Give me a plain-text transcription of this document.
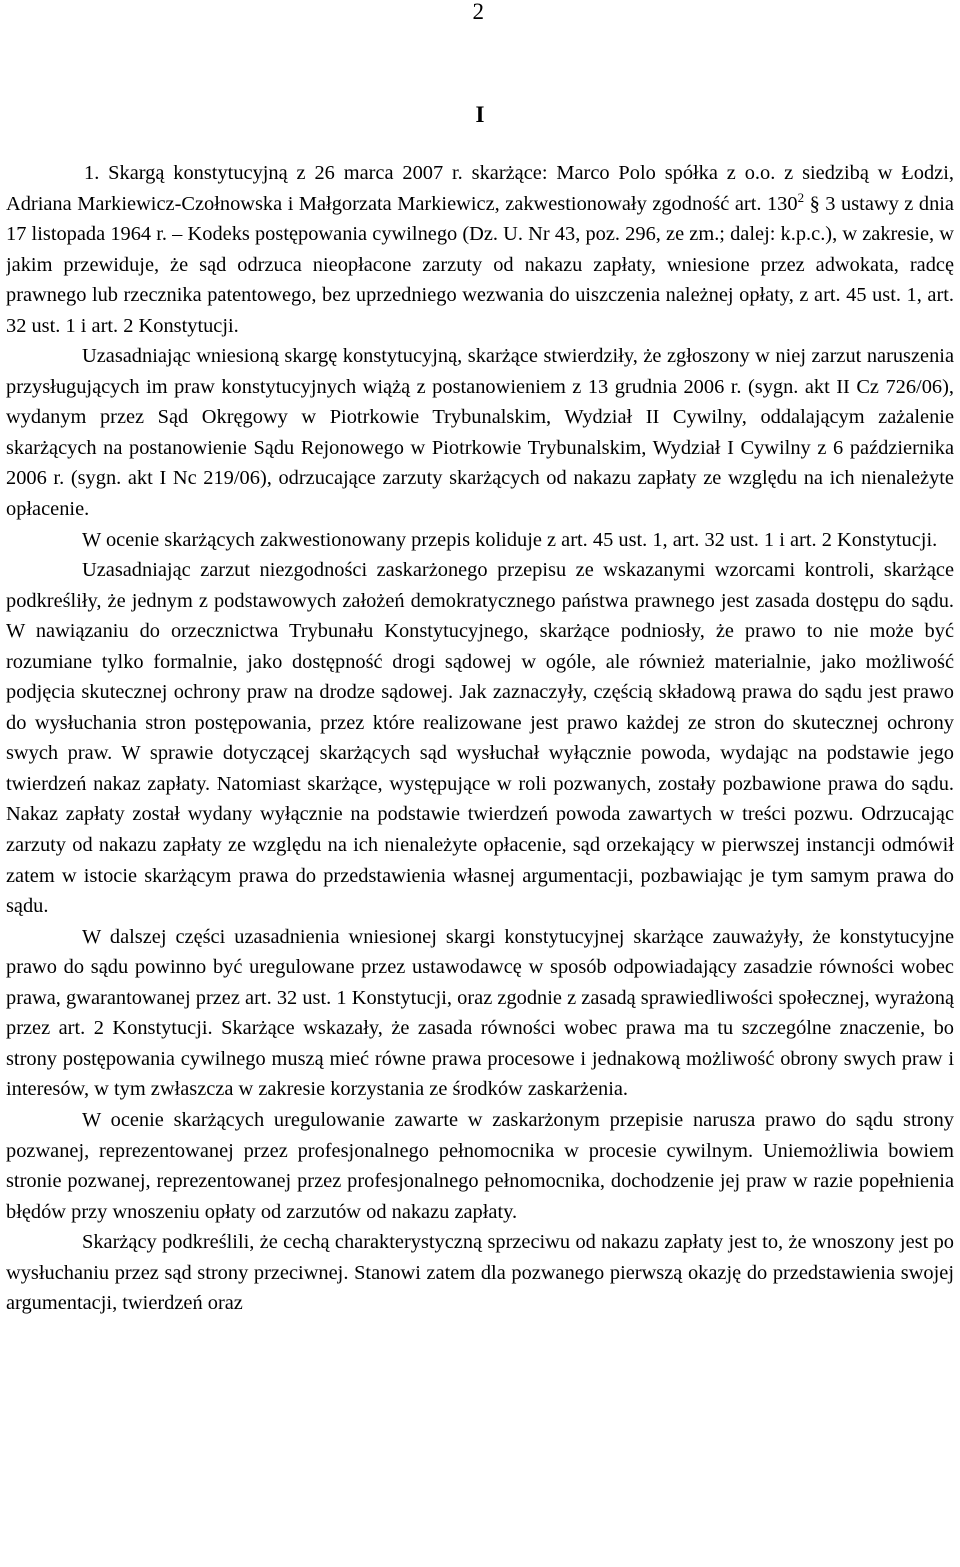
2
I

1. Skargą konstytucyjną z 26 marca 2007 r. skarżące: Marco Polo spółka z o.o. z siedzibą w Łodzi, Adriana Markiewicz-Czołnowska i Małgorzata Markiewicz, zakwestionowały zgodność art. $130^2$ § 3 ustawy z dnia 17 listopada 1964 r. – Kodeks postępowania cywilnego (Dz. U. Nr 43, poz. 296, ze zm.; dalej: k.p.c.), w zakresie, w jakim przewiduje, że sąd odrzuca nieopłacone zarzuty od nakazu zapłaty, wniesione przez adwokata, radcę prawnego lub rzecznika patentowego, bez uprzedniego wezwania do uiszczenia należnej opłaty, z art. 45 ust. 1, art. 32 ust. 1 i art. 2 Konstytucji.

Uzasadniając wniesioną skargę konstytucyjną, skarżące stwierdziły, że zgłoszony w niej zarzut naruszenia przysługujących im praw konstytucyjnych wiążą z postanowieniem z 13 grudnia 2006 r. (sygn. akt II Cz 726/06), wydanym przez Sąd Okręgowy w Piotrkowie Trybunalskim, Wydział II Cywilny, oddalającym zażalenie skarżących na postanowienie Sądu Rejonowego w Piotrkowie Trybunalskim, Wydział I Cywilny z 6 października 2006 r. (sygn. akt I Nc 219/06), odrzucające zarzuty skarżących od nakazu zapłaty ze względu na ich nienależyte opłacenie.

W ocenie skarżących zakwestionowany przepis koliduje z art. 45 ust. 1, art. 32 ust. 1 i art. 2 Konstytucji.

Uzasadniając zarzut niezgodności zaskarżonego przepisu ze wskazanymi wzorcami kontroli, skarżące podkreśliły, że jednym z podstawowych założeń demokratycznego państwa prawnego jest zasada dostępu do sądu. W nawiązaniu do orzecznictwa Trybunału Konstytucyjnego, skarżące podniosły, że prawo to nie może być rozumiane tylko formalnie, jako dostępność drogi sądowej w ogóle, ale również materialnie, jako możliwość podjęcia skutecznej ochrony praw na drodze sądowej. Jak zaznaczyły, częścią składową prawa do sądu jest prawo do wysłuchania stron postępowania, przez które realizowane jest prawo każdej ze stron do skutecznej ochrony swych praw. W sprawie dotyczącej skarżących sąd wysłuchał wyłącznie powoda, wydając na podstawie jego twierdzeń nakaz zapłaty. Natomiast skarżące, występujące w roli pozwanych, zostały pozbawione prawa do sądu. Nakaz zapłaty został wydany wyłącznie na podstawie twierdzeń powoda zawartych w treści pozwu. Odrzucając zarzuty od nakazu zapłaty ze względu na ich nienależyte opłacenie, sąd orzekający w pierwszej instancji odmówił zatem w istocie skarżącym prawa do przedstawienia własnej argumentacji, pozbawiając je tym samym prawa do sądu.

W dalszej części uzasadnienia wniesionej skargi konstytucyjnej skarżące zauważyły, że konstytucyjne prawo do sądu powinno być uregulowane przez ustawodawcę w sposób odpowiadający zasadzie równości wobec prawa, gwarantowanej przez art. 32 ust. 1 Konstytucji, oraz zgodnie z zasadą sprawiedliwości społecznej, wyrażoną przez art. 2 Konstytucji. Skarżące wskazały, że zasada równości wobec prawa ma tu szczególne znaczenie, bo strony postępowania cywilnego muszą mieć równe prawa procesowe i jednakową możliwość obrony swych praw i interesów, w tym zwłaszcza w zakresie korzystania ze środków zaskarżenia.

W ocenie skarżących uregulowanie zawarte w zaskarżonym przepisie narusza prawo do sądu strony pozwanej, reprezentowanej przez profesjonalnego pełnomocnika w procesie cywilnym. Uniemożliwia bowiem stronie pozwanej, reprezentowanej przez profesjonalnego pełnomocnika, dochodzenie jej praw w razie popełnienia błędów przy wnoszeniu opłaty od zarzutów od nakazu zapłaty.

Skarżący podkreślili, że cechą charakterystyczną sprzeciwu od nakazu zapłaty jest to, że wnoszony jest po wysłuchaniu przez sąd strony przeciwnej. Stanowi zatem dla pozwanego pierwszą okazję do przedstawienia swojej argumentacji, twierdzeń oraz
